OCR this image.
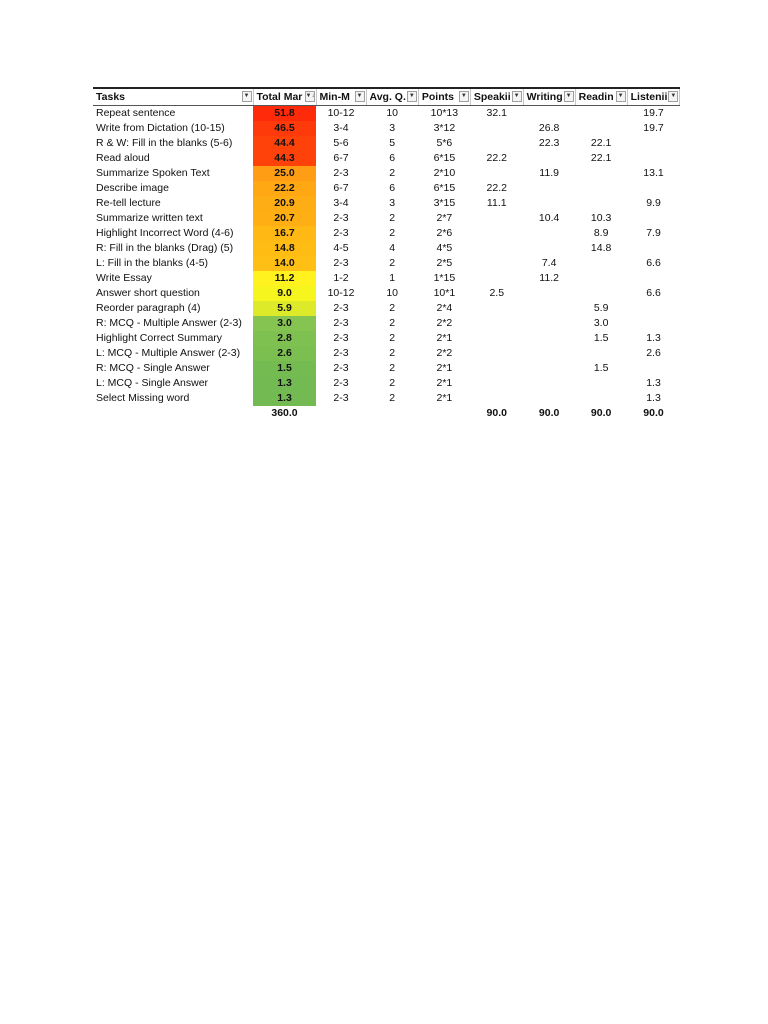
Tasks ▼	Total Mar ▼↓	Min-M ▼	Avg. Q. ▼	Points ▼	Speakii ▼	Writing ▼	Readin ▼	Listenii ▼

Repeat sentence	51.8	10-12	10	10*13	32.1			19.7
Write from Dictation (10-15)	46.5	3-4	3	3*12		26.8		19.7
R & W: Fill in the blanks (5-6)	44.4	5-6	5	5*6		22.3	22.1	
Read aloud	44.3	6-7	6	6*15	22.2		22.1	
Summarize Spoken Text	25.0	2-3	2	2*10		11.9		13.1
Describe image	22.2	6-7	6	6*15	22.2			
Re-tell lecture	20.9	3-4	3	3*15	11.1			9.9
Summarize written text	20.7	2-3	2	2*7		10.4	10.3	
Highlight Incorrect Word (4-6)	16.7	2-3	2	2*6			8.9	7.9
R: Fill in the blanks (Drag) (5)	14.8	4-5	4	4*5			14.8	
L: Fill in the blanks (4-5)	14.0	2-3	2	2*5		7.4		6.6
Write Essay	11.2	1-2	1	1*15		11.2		
Answer short question	9.0	10-12	10	10*1	2.5			6.6
Reorder paragraph (4)	5.9	2-3	2	2*4			5.9	
R: MCQ - Multiple Answer (2-3)	3.0	2-3	2	2*2			3.0	
Highlight Correct Summary	2.8	2-3	2	2*1			1.5	1.3
L: MCQ - Multiple Answer (2-3)	2.6	2-3	2	2*2				2.6
R: MCQ - Single Answer	1.5	2-3	2	2*1			1.5	
L: MCQ - Single Answer	1.3	2-3	2	2*1				1.3
Select Missing word	1.3	2-3	2	2*1				1.3
	360.0				90.0	90.0	90.0	90.0
